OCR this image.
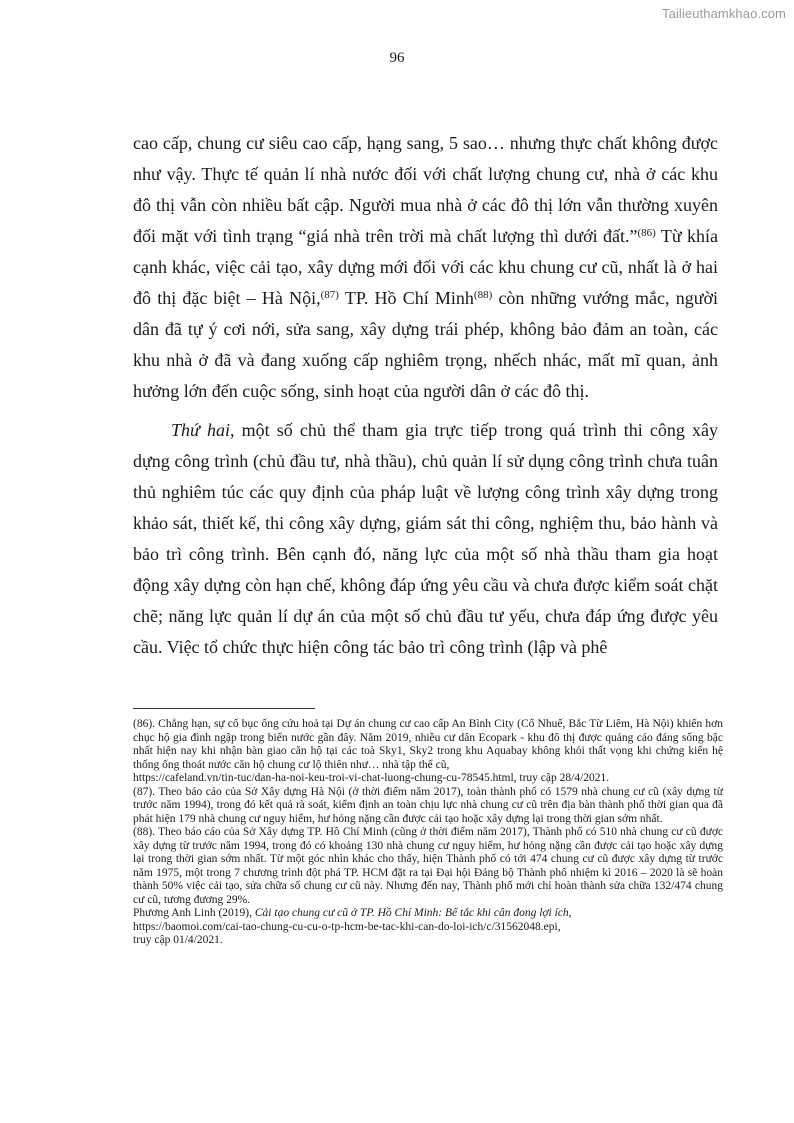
Tailieuthamkhao.com
96

cao cấp, chung cư siêu cao cấp, hạng sang, 5 sao… nhưng thực chất không được như vậy. Thực tế quản lí nhà nước đối với chất lượng chung cư, nhà ở các khu đô thị vẫn còn nhiều bất cập. Người mua nhà ở các đô thị lớn vẫn thường xuyên đối mặt với tình trạng “giá nhà trên trời mà chất lượng thì dưới đất.”$^{(86)}$ Từ khía cạnh khác, việc cải tạo, xây dựng mới đối với các khu chung cư cũ, nhất là ở hai đô thị đặc biệt – Hà Nội,$^{(87)}$ TP. Hồ Chí Minh$^{(88)}$ còn những vướng mắc, người dân đã tự ý cơi nới, sửa sang, xây dựng trái phép, không bảo đảm an toàn, các khu nhà ở đã và đang xuống cấp nghiêm trọng, nhếch nhác, mất mĩ quan, ảnh hưởng lớn đến cuộc sống, sinh hoạt của người dân ở các đô thị.

Thứ hai, một số chủ thể tham gia trực tiếp trong quá trình thi công xây dựng công trình (chủ đầu tư, nhà thầu), chủ quản lí sử dụng công trình chưa tuân thủ nghiêm túc các quy định của pháp luật về lượng công trình xây dựng trong khảo sát, thiết kế, thi công xây dựng, giám sát thi công, nghiệm thu, bảo hành và bảo trì công trình. Bên cạnh đó, năng lực của một số nhà thầu tham gia hoạt động xây dựng còn hạn chế, không đáp ứng yêu cầu và chưa được kiểm soát chặt chẽ; năng lực quản lí dự án của một số chủ đầu tư yếu, chưa đáp ứng được yêu cầu. Việc tổ chức thực hiện công tác bảo trì công trình (lập và phê

(86). Chẳng hạn, sự cố bục ống cứu hoả tại Dự án chung cư cao cấp An Bình City (Cổ Nhuế, Bắc Từ Liêm, Hà Nội) khiến hơn chục hộ gia đình ngập trong biển nước gần đây. Năm 2019, nhiều cư dân Ecopark - khu đô thị được quảng cáo đáng sống bậc nhất hiện nay khi nhận bàn giao căn hộ tại các toà Sky1, Sky2 trong khu Aquabay không khỏi thất vọng khi chứng kiến hệ thống ống thoát nước căn hộ chung cư lộ thiên như… nhà tập thể cũ,

https://cafeland.vn/tin-tuc/dan-ha-noi-keu-troi-vi-chat-luong-chung-cu-78545.html, truy cập 28/4/2021.

(87). Theo báo cáo của Sở Xây dựng Hà Nội (ở thời điểm năm 2017), toàn thành phố có 1579 nhà chung cư cũ (xây dựng từ trước năm 1994), trong đó kết quả rà soát, kiểm định an toàn chịu lực nhà chung cư cũ trên địa bàn thành phố thời gian qua đã phát hiện 179 nhà chung cư nguy hiểm, hư hỏng nặng cần được cải tạo hoặc xây dựng lại trong thời gian sớm nhất.

(88). Theo báo cáo của Sở Xây dựng TP. Hồ Chí Minh (cũng ở thời điểm năm 2017), Thành phố có 510 nhà chung cư cũ được xây dựng từ trước năm 1994, trong đó có khoảng 130 nhà chung cư nguy hiểm, hư hỏng nặng cần được cải tạo hoặc xây dựng lại trong thời gian sớm nhất. Từ một góc nhìn khác cho thấy, hiện Thành phố có tới 474 chung cư cũ được xây dựng từ trước năm 1975, một trong 7 chương trình đột phá TP. HCM đặt ra tại Đại hội Đảng bộ Thành phố nhiệm kì 2016 – 2020 là sẽ hoàn thành 50% việc cải tạo, sửa chữa số chung cư cũ này. Nhưng đến nay, Thành phố mới chỉ hoàn thành sửa chữa 132/474 chung cư cũ, tương đương 29%.

Phương Anh Linh (2019), Cải tạo chung cư cũ ở TP. Hồ Chí Minh: Bế tắc khi cân đong lợi ích,

https://baomoi.com/cai-tao-chung-cu-cu-o-tp-hcm-be-tac-khi-can-do-loi-ich/c/31562048.epi,

truy cập 01/4/2021.
